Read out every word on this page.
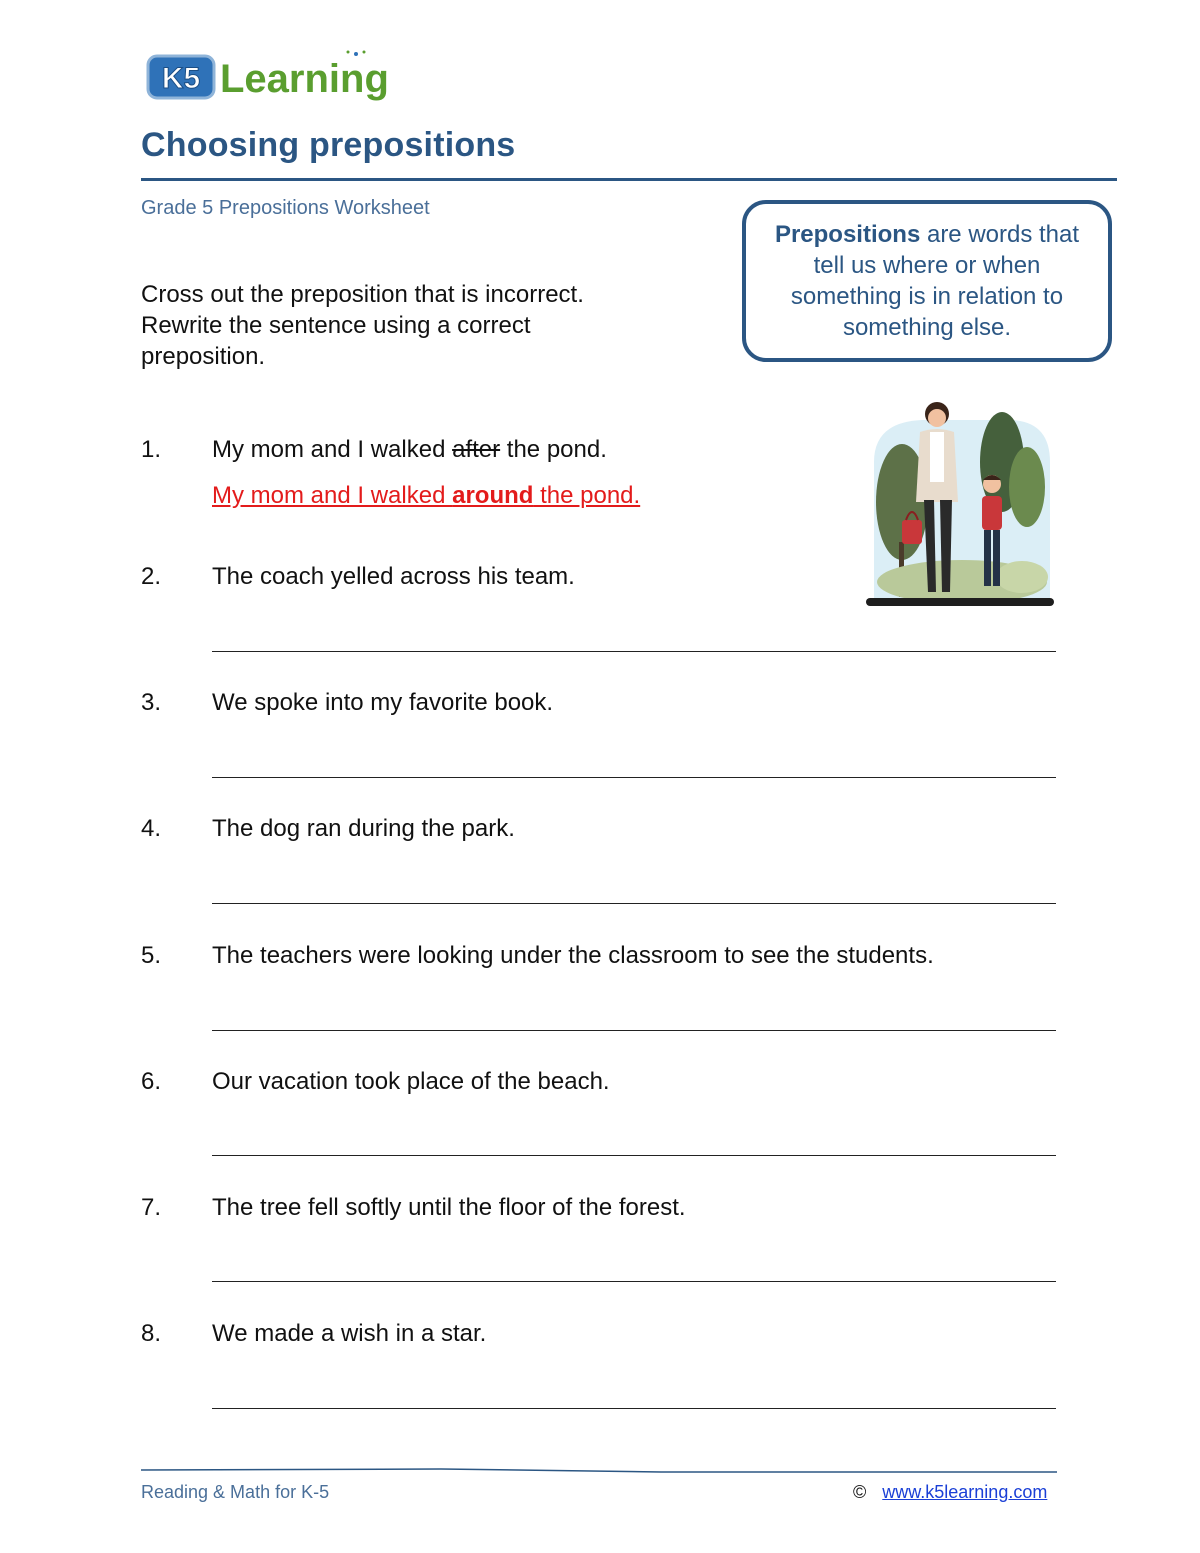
K5 Learning
Choosing prepositions
Grade 5 Prepositions Worksheet
Cross out the preposition that is incorrect.
Rewrite the sentence using a correct
preposition.
Prepositions are words that tell us where or when something is in relation to something else.
1. My mom and I walked after the pond.
My mom and I walked around the pond.
2. The coach yelled across his team.
3. We spoke into my favorite book.
4. The dog ran during the park.
5. The teachers were looking under the classroom to see the students.
6. Our vacation took place of the beach.
7. The tree fell softly until the floor of the forest.
8. We made a wish in a star.
Reading & Math for K-5	© www.k5learning.com
